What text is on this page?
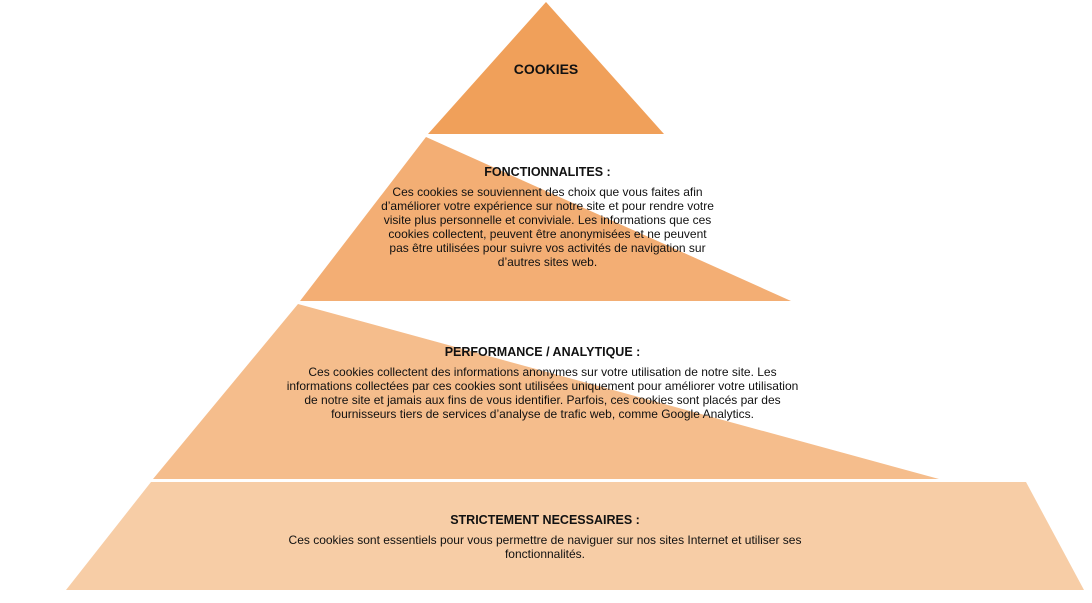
COOKIES
FONCTIONNALITES :
Ces cookies se souviennent des choix que vous faites afin d’améliorer votre expérience sur notre site et pour rendre votre visite plus personnelle et conviviale. Les informations que ces cookies collectent, peuvent être anonymisées et ne peuvent pas être utilisées pour suivre vos activités de navigation sur d’autres sites web.
PERFORMANCE / ANALYTIQUE :
Ces cookies collectent des informations anonymes sur votre utilisation de notre site. Les informations collectées par ces cookies sont utilisées uniquement pour améliorer votre utilisation de notre site et jamais aux fins de vous identifier. Parfois, ces cookies sont placés par des fournisseurs tiers de services d’analyse de trafic web, comme Google Analytics.
STRICTEMENT NECESSAIRES :
Ces cookies sont essentiels pour vous permettre de naviguer sur nos sites Internet et utiliser ses fonctionnalités.
